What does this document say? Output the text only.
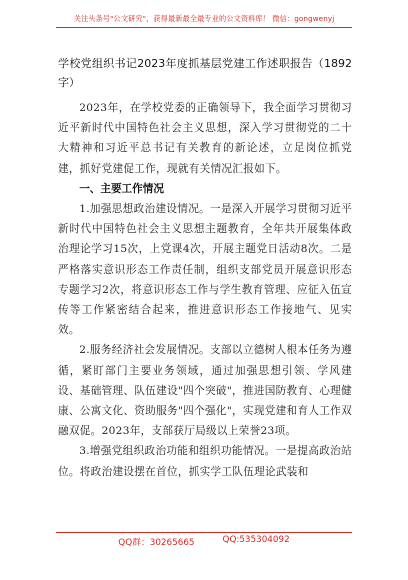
关注头条号"公文研究"，获得最新最全最专业的公文资料库！ 微信：gongwenyj

学校党组织书记2023年度抓基层党建工作述职报告（1892字）

2023年，在学校党委的正确领导下，我全面学习贯彻习近平新时代中国特色社会主义思想，深入学习贯彻党的二十大精神和习近平总书记有关教育的新论述，立足岗位抓党建，抓好党建促工作，现就有关情况汇报如下。

一、主要工作情况

1.加强思想政治建设情况。一是深入开展学习贯彻习近平新时代中国特色社会主义思想主题教育，全年共开展集体政治理论学习15次，上党课4次，开展主题党日活动8次。二是严格落实意识形态工作责任制，组织支部党员开展意识形态专题学习2次，将意识形态工作与学生教育管理、应征入伍宣传等工作紧密结合起来，推进意识形态工作接地气、见实效。

2.服务经济社会发展情况。支部以立德树人根本任务为遵循，紧盯部门主要业务领域，通过加强思想引领、学风建设、基础管理、队伍建设"四个突破"，推进国防教育、心理健康、公寓文化、资助服务"四个强化"，实现党建和育人工作双融双促。2023年，支部获厅局级以上荣誉23项。

3.增强党组织政治功能和组织功能情况。一是提高政治站位。将政治建设摆在首位，抓实学工队伍理论武装和

QQ群：30265665	QQ:535304092
